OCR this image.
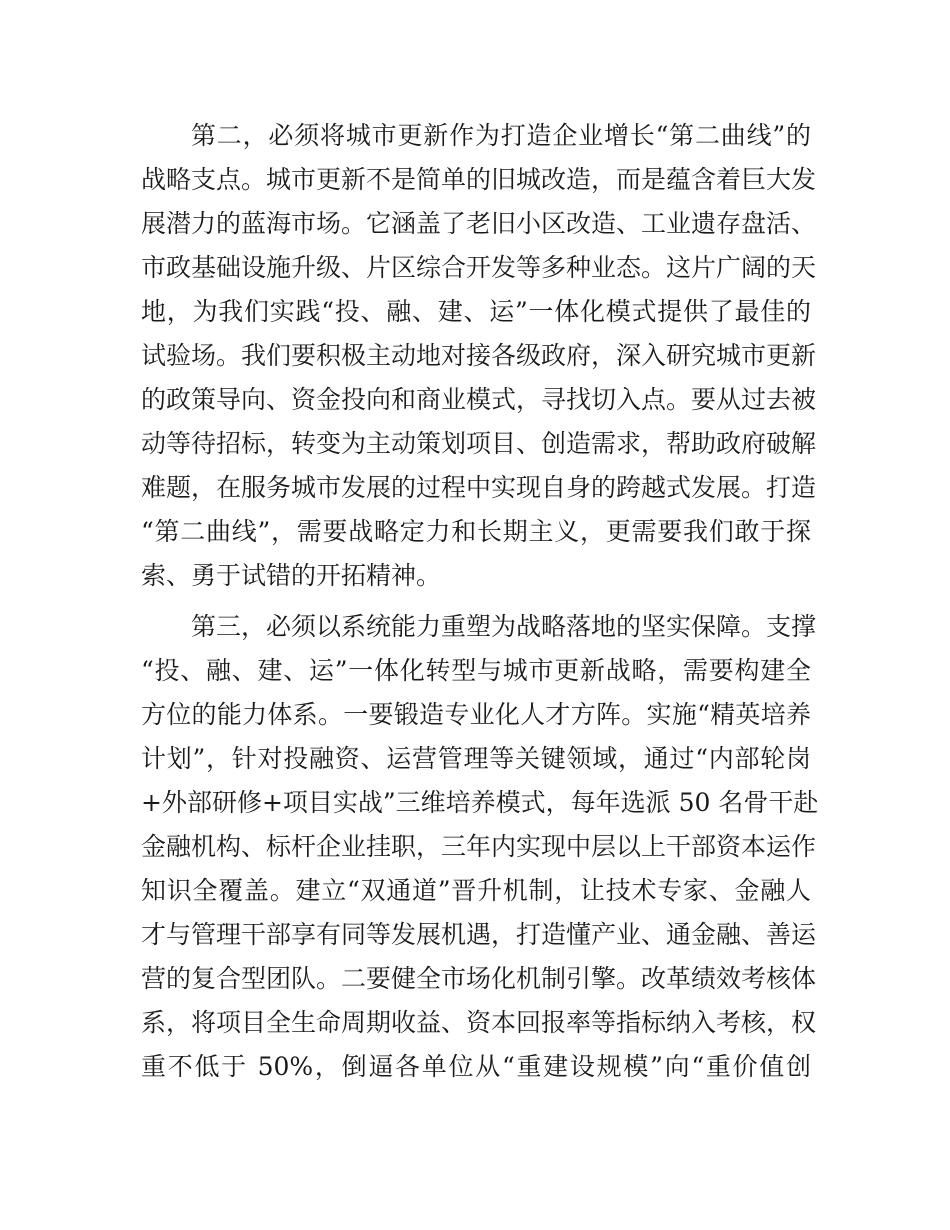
第二，必须将城市更新作为打造企业增长“第二曲线”的
战略支点。城市更新不是简单的旧城改造，而是蕴含着巨大发
展潜力的蓝海市场。它涵盖了老旧小区改造、工业遗存盘活、
市政基础设施升级、片区综合开发等多种业态。这片广阔的天
地，为我们实践“投、融、建、运”一体化模式提供了最佳的
试验场。我们要积极主动地对接各级政府，深入研究城市更新
的政策导向、资金投向和商业模式，寻找切入点。要从过去被
动等待招标，转变为主动策划项目、创造需求，帮助政府破解
难题，在服务城市发展的过程中实现自身的跨越式发展。打造
“第二曲线”，需要战略定力和长期主义，更需要我们敢于探
索、勇于试错的开拓精神。
第三，必须以系统能力重塑为战略落地的坚实保障。支撑
“投、融、建、运”一体化转型与城市更新战略，需要构建全
方位的能力体系。一要锻造专业化人才方阵。实施“精英培养
计划”，针对投融资、运营管理等关键领域，通过“内部轮岗
+外部研修+项目实战”三维培养模式，每年选派 50 名骨干赴
金融机构、标杆企业挂职，三年内实现中层以上干部资本运作
知识全覆盖。建立“双通道”晋升机制，让技术专家、金融人
才与管理干部享有同等发展机遇，打造懂产业、通金融、善运
营的复合型团队。二要健全市场化机制引擎。改革绩效考核体
系，将项目全生命周期收益、资本回报率等指标纳入考核，权
重不低于 50%，倒逼各单位从“重建设规模”向“重价值创
